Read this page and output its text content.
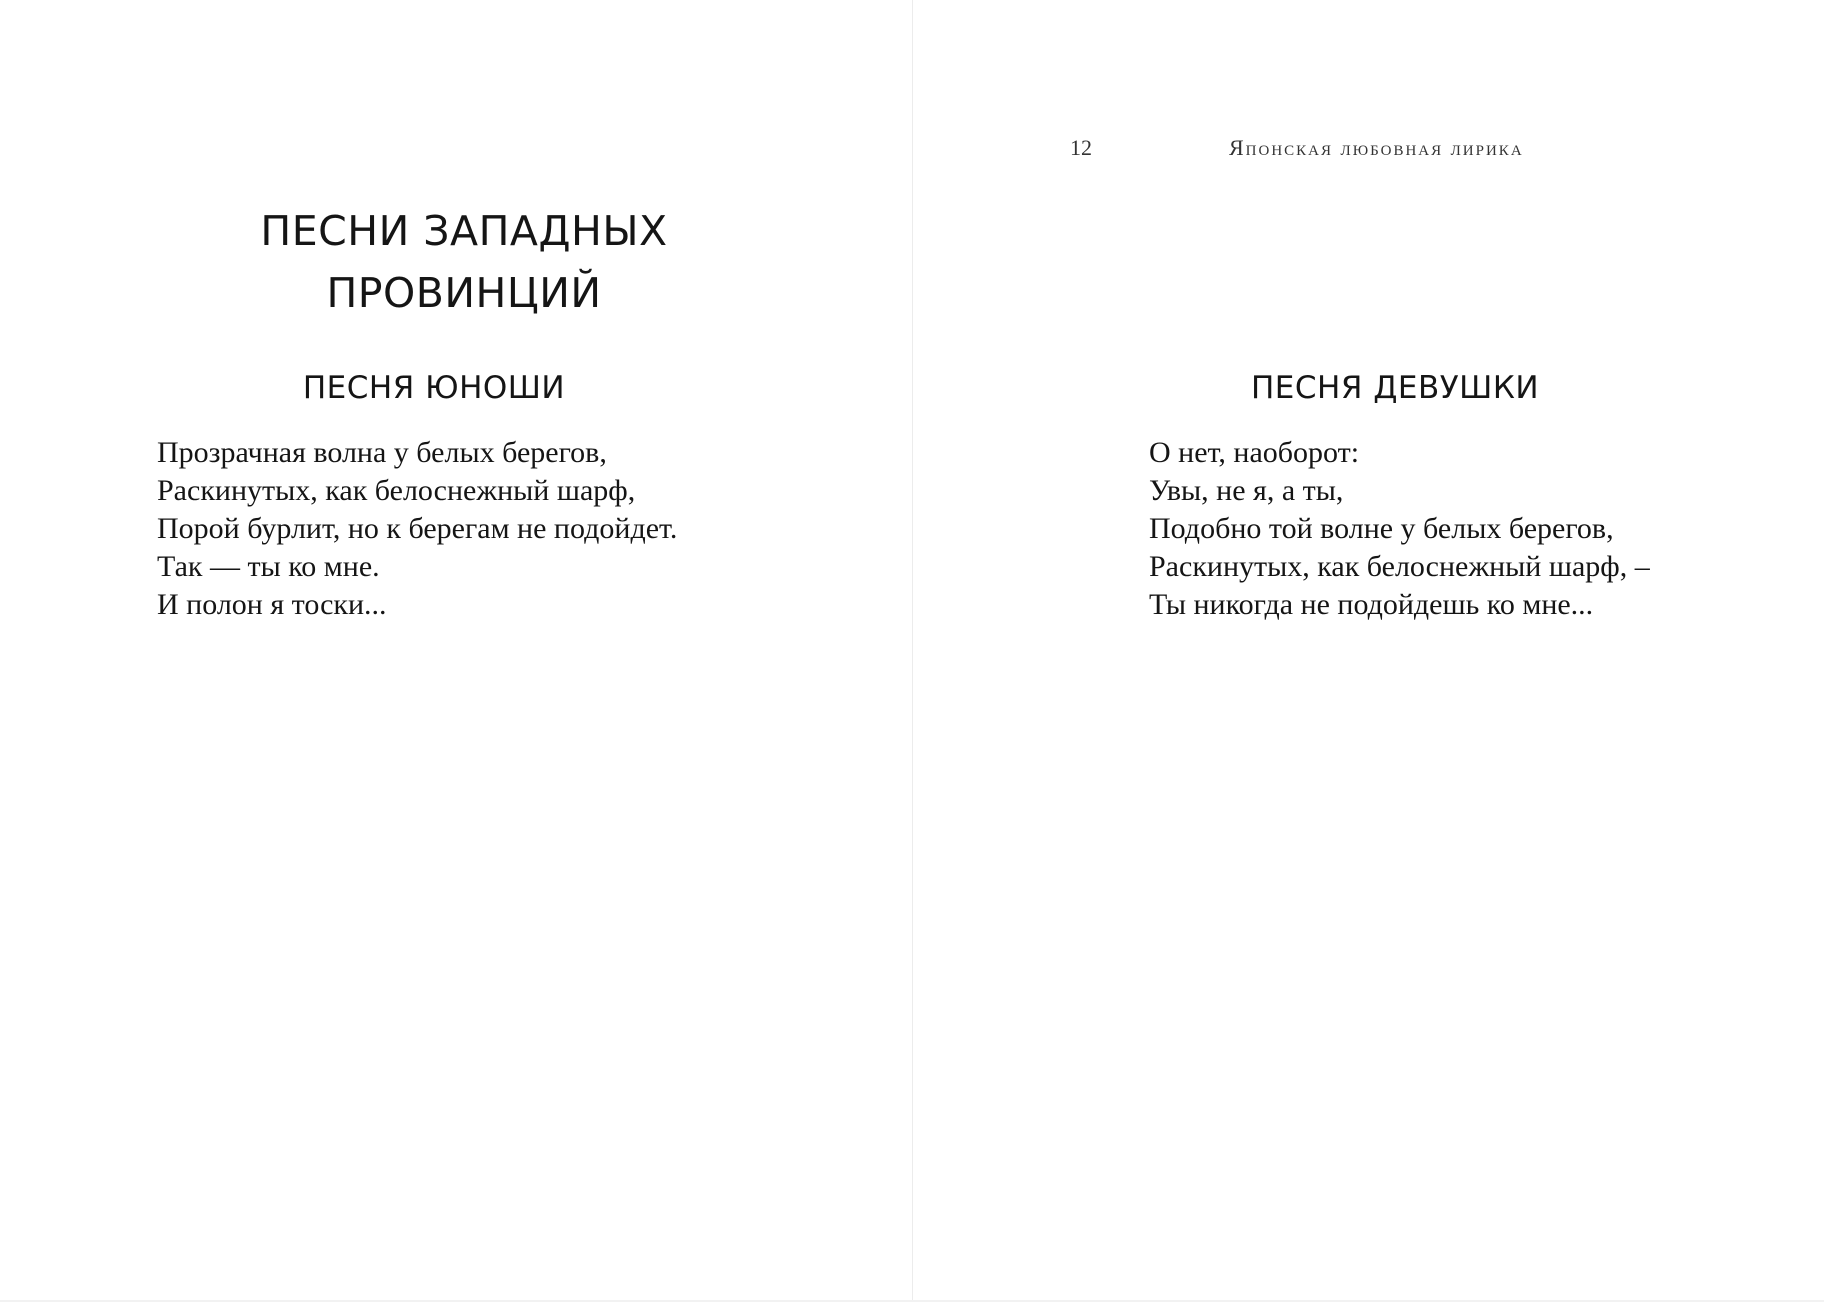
ПЕСНИ ЗАПАДНЫХ
ПРОВИНЦИЙ
ПЕСНЯ ЮНОШИ
Прозрачная волна у белых берегов,
Раскинутых, как белоснежный шарф,
Порой бурлит, но к берегам не подойдет.
Так — ты ко мне.
И полон я тоски...
12	Японская любовная лирика
ПЕСНЯ ДЕВУШКИ
О нет, наоборот:
Увы, не я, а ты,
Подобно той волне у белых берегов,
Раскинутых, как белоснежный шарф, –
Ты никогда не подойдешь ко мне...
